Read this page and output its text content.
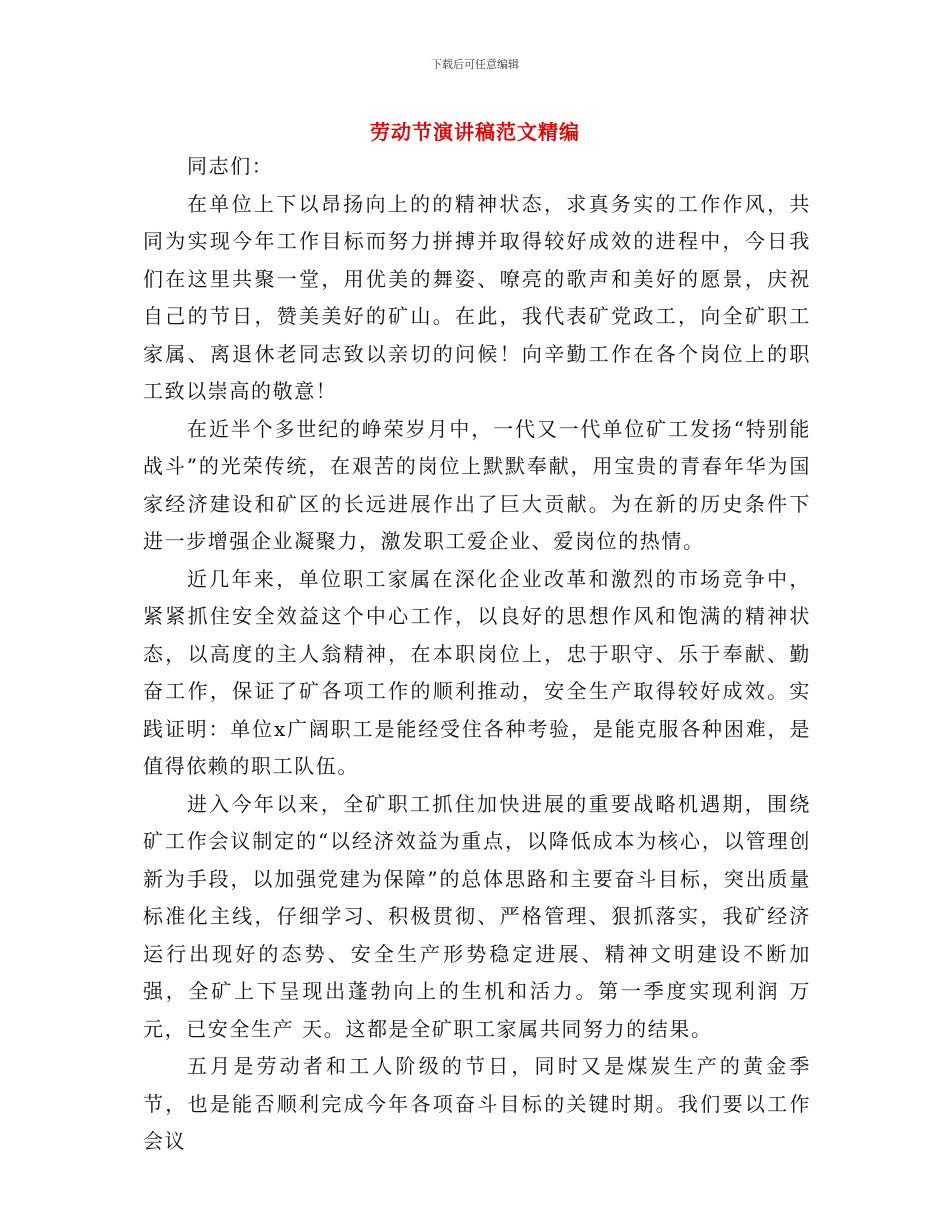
下载后可任意编辑
劳动节演讲稿范文精编

同志们：

在单位上下以昂扬向上的的精神状态，求真务实的工作作风，共同为实现今年工作目标而努力拼搏并取得较好成效的进程中，今日我们在这里共聚一堂，用优美的舞姿、嘹亮的歌声和美好的愿景，庆祝自己的节日，赞美美好的矿山。在此，我代表矿党政工，向全矿职工家属、离退休老同志致以亲切的问候！向辛勤工作在各个岗位上的职工致以崇高的敬意！

在近半个多世纪的峥荣岁月中，一代又一代单位矿工发扬“特别能战斗”的光荣传统，在艰苦的岗位上默默奉献，用宝贵的青春年华为国家经济建设和矿区的长远进展作出了巨大贡献。为在新的历史条件下进一步增强企业凝聚力，激发职工爱企业、爱岗位的热情。

近几年来，单位职工家属在深化企业改革和激烈的市场竞争中，紧紧抓住安全效益这个中心工作，以良好的思想作风和饱满的精神状态，以高度的主人翁精神，在本职岗位上，忠于职守、乐于奉献、勤奋工作，保证了矿各项工作的顺利推动，安全生产取得较好成效。实践证明：单位x广阔职工是能经受住各种考验，是能克服各种困难，是值得依赖的职工队伍。

进入今年以来，全矿职工抓住加快进展的重要战略机遇期，围绕矿工作会议制定的“以经济效益为重点，以降低成本为核心，以管理创新为手段，以加强党建为保障”的总体思路和主要奋斗目标，突出质量标准化主线，仔细学习、积极贯彻、严格管理、狠抓落实，我矿经济运行出现好的态势、安全生产形势稳定进展、精神文明建设不断加强，全矿上下呈现出蓬勃向上的生机和活力。第一季度实现利润 万元，已安全生产 天。这都是全矿职工家属共同努力的结果。

五月是劳动者和工人阶级的节日，同时又是煤炭生产的黄金季节，也是能否顺利完成今年各项奋斗目标的关键时期。我们要以工作会议
